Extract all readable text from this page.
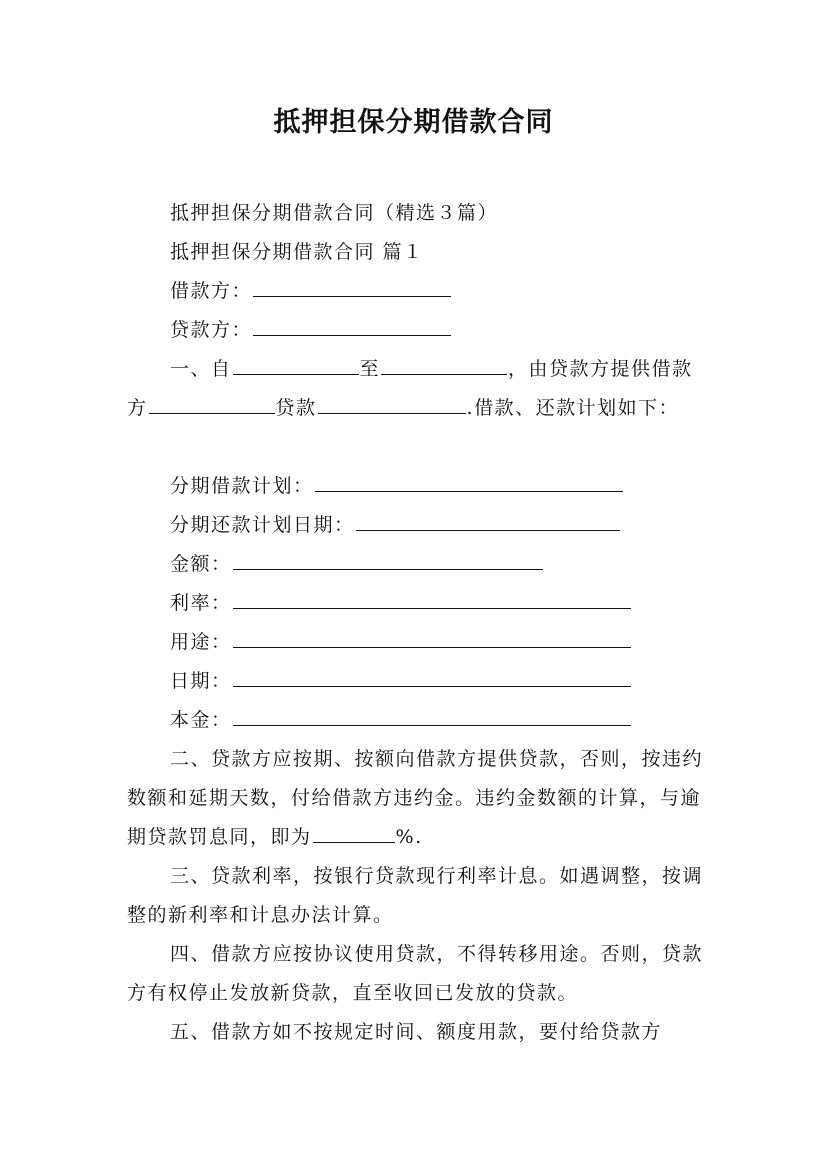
抵押担保分期借款合同
抵押担保分期借款合同（精选３篇）
抵押担保分期借款合同 篇１
借款方：
贷款方：
一、自	至	，由贷款方提供借款方	贷款	.借款、还款计划如下：
分期借款计划：
分期还款计划日期：
金额：
利率：
用途：
日期：
本金：
二、贷款方应按期、按额向借款方提供贷款，否则，按违约数额和延期天数，付给借款方违约金。违约金数额的计算，与逾期贷款罚息同，即为	%.
三、贷款利率，按银行贷款现行利率计息。如遇调整，按调整的新利率和计息办法计算。
四、借款方应按协议使用贷款，不得转移用途。否则，贷款方有权停止发放新贷款，直至收回已发放的贷款。
五、借款方如不按规定时间、额度用款，要付给贷款方
